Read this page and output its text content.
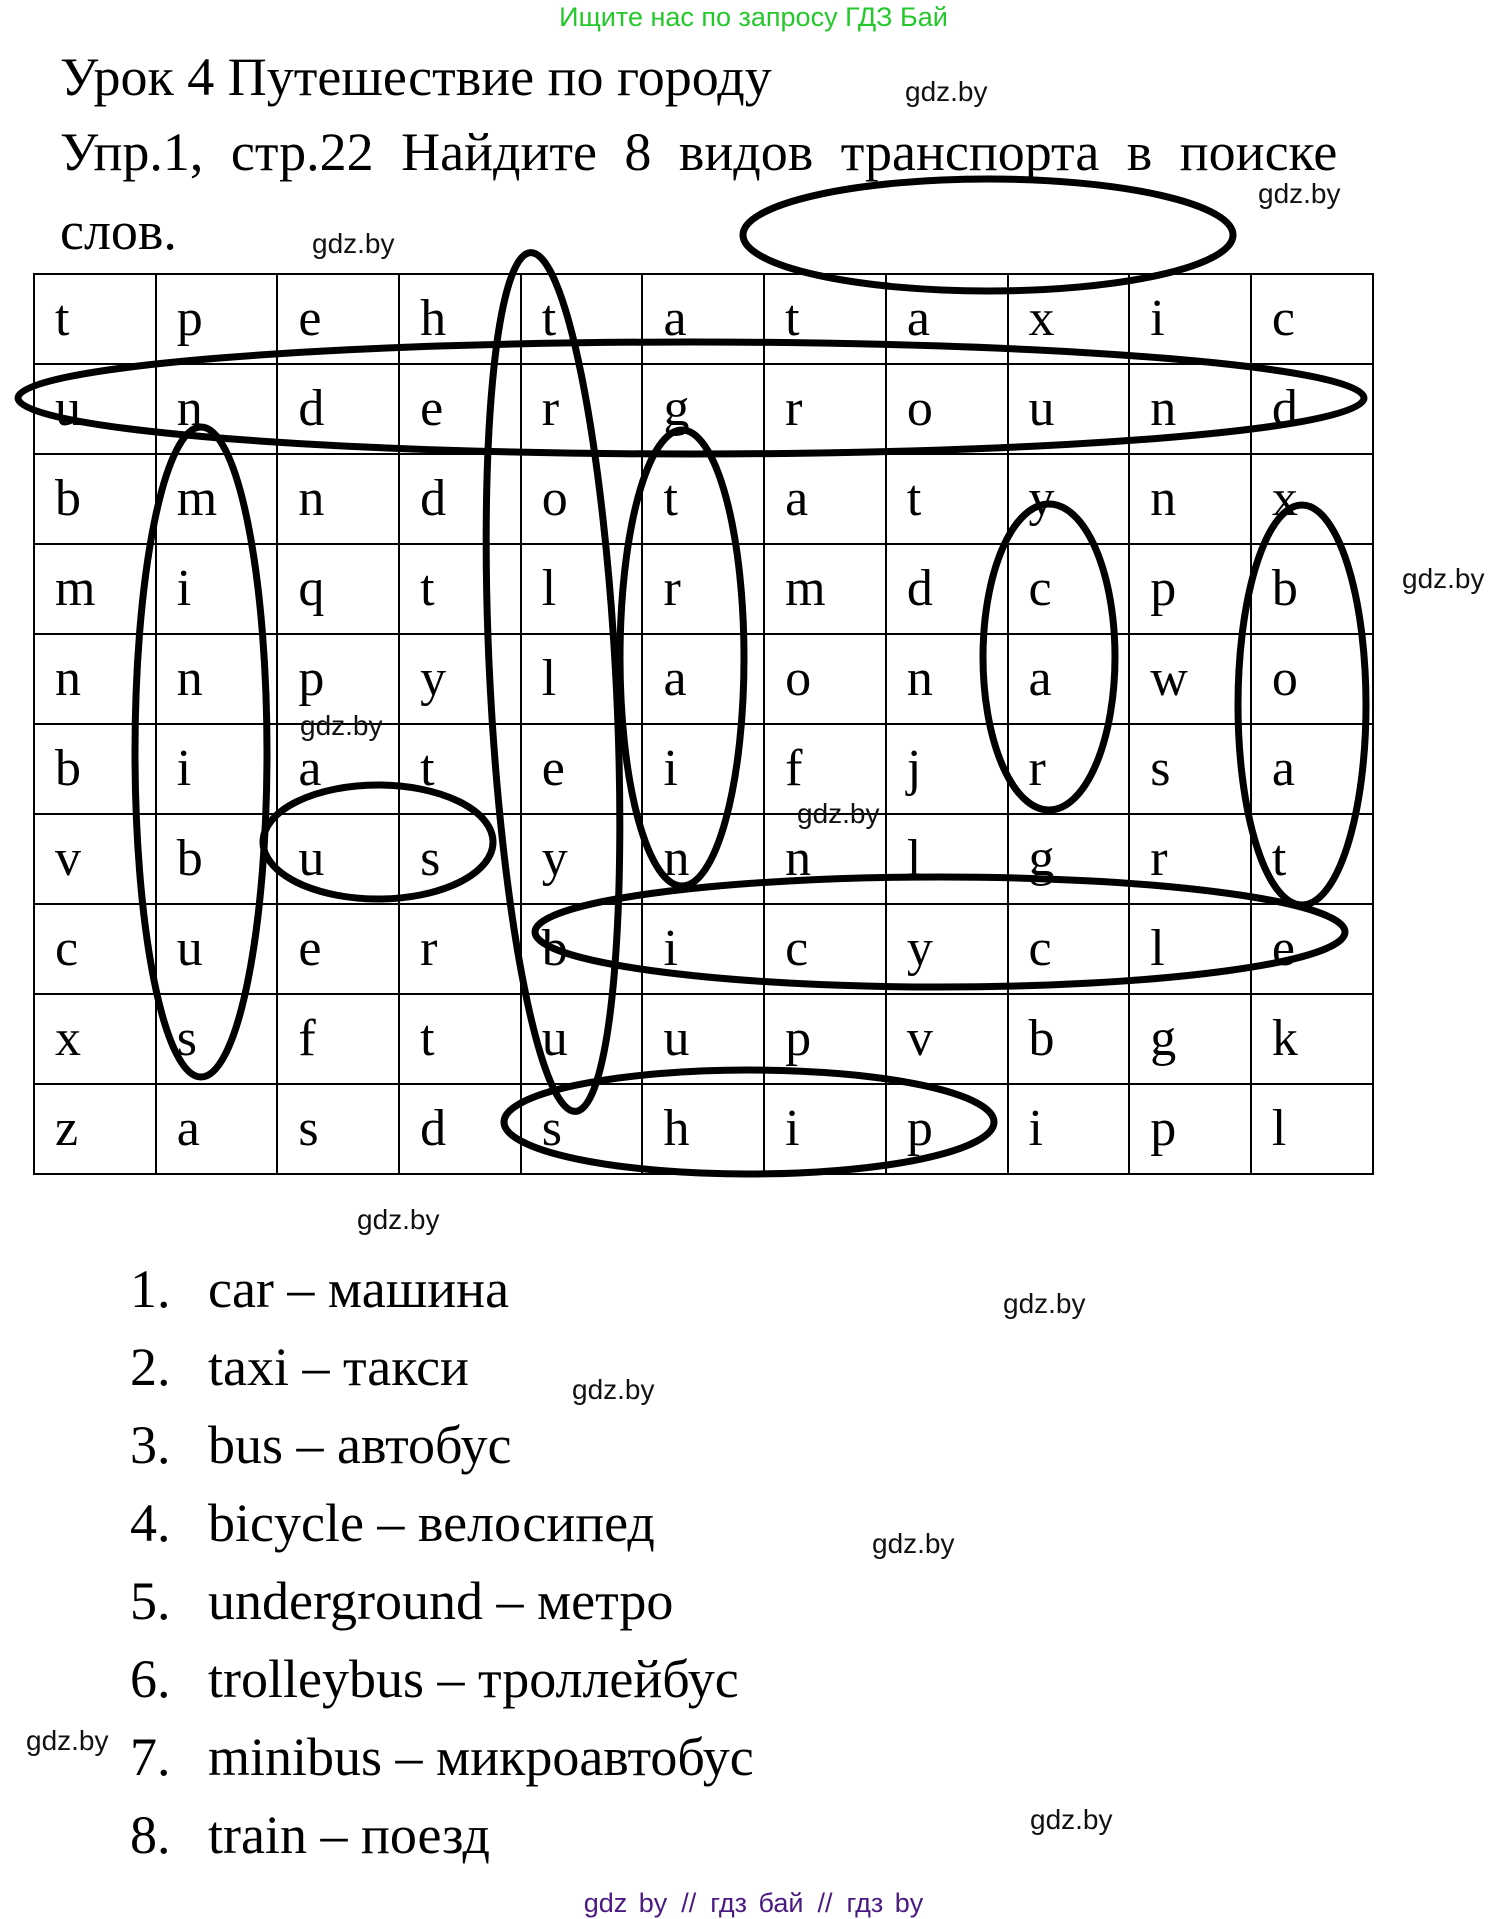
Ищите нас по запросу ГДЗ Бай
Урок 4 Путешествие по городу
Упр.1, стр.22 Найдите 8 видов транспорта в поиске
слов.
t	p	e	h	t	a	t	a	x	i	c
u	n	d	e	r	g	r	o	u	n	d
b	m	n	d	o	t	a	t	y	n	x
m	i	q	t	l	r	m	d	c	p	b
n	n	p	y	l	a	o	n	a	w	o
b	i	a	t	e	i	f	j	r	s	a
v	b	u	s	y	n	n	l	g	r	t
c	u	e	r	b	i	c	y	c	l	e
x	s	f	t	u	u	p	v	b	g	k
z	a	s	d	s	h	i	p	i	p	l
gdz.by
gdz.by
gdz.by
gdz.by
gdz.by
gdz.by
gdz.by
gdz.by
gdz.by
gdz.by
gdz.by
gdz.by
1. car – машина
2. taxi – такси
3. bus – автобус
4. bicycle – велосипед
5. underground – метро
6. trolleybus – троллейбус
7. minibus – микроавтобус
8. train – поезд
gdz by // гдз бай // гдз by
